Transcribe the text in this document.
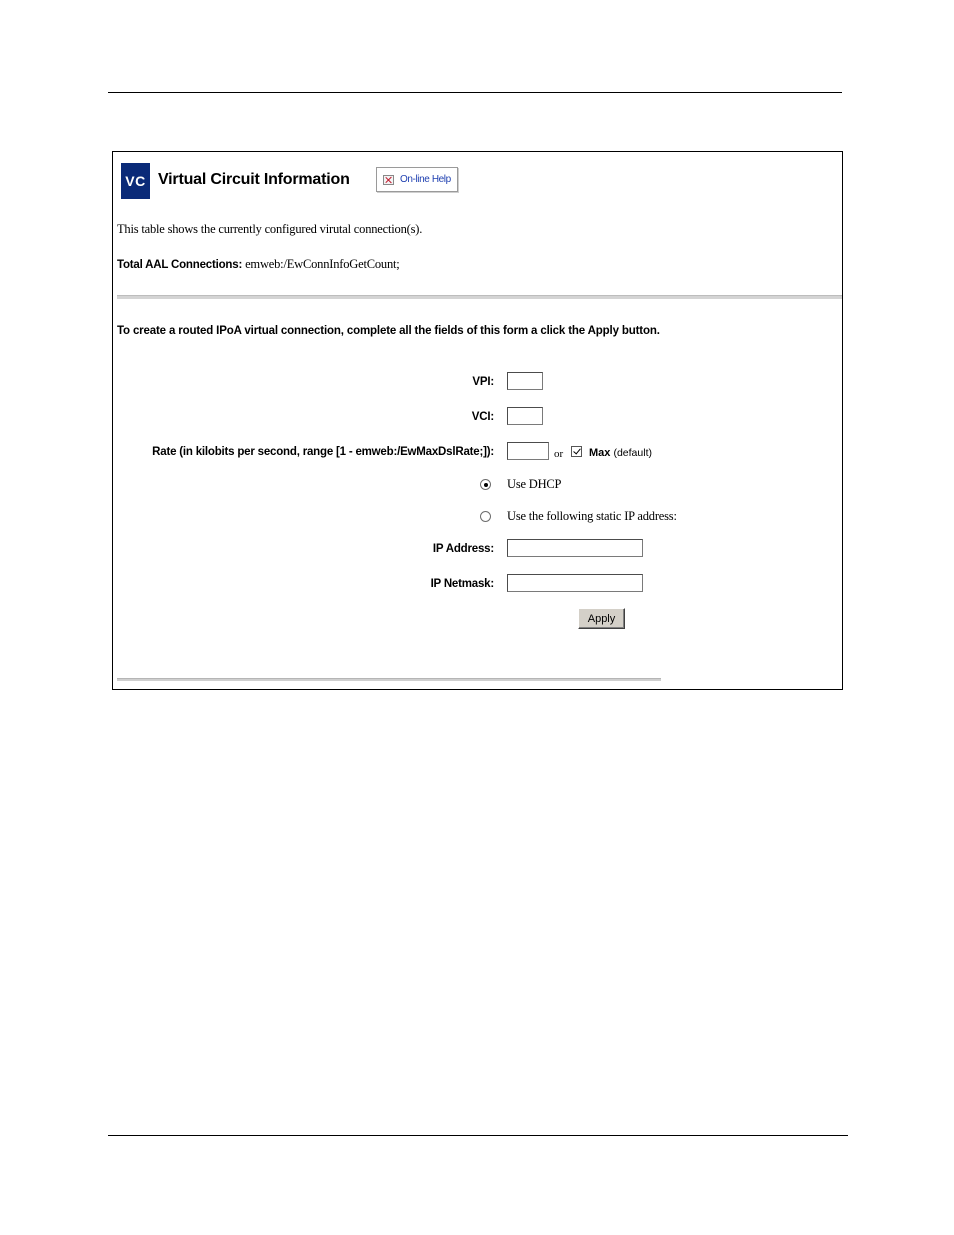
VC Virtual Circuit Information	On-line Help
This table shows the currently configured virutal connection(s).
Total AAL Connections: emweb:/EwConnInfoGetCount;
To create a routed IPoA virtual connection, complete all the fields of this form a click the Apply button.
VPI:
VCI:
Rate (in kilobits per second, range [1 - emweb:/EwMaxDslRate;]):	or Max (default)
Use DHCP
Use the following static IP address:
IP Address:
IP Netmask:
Apply
